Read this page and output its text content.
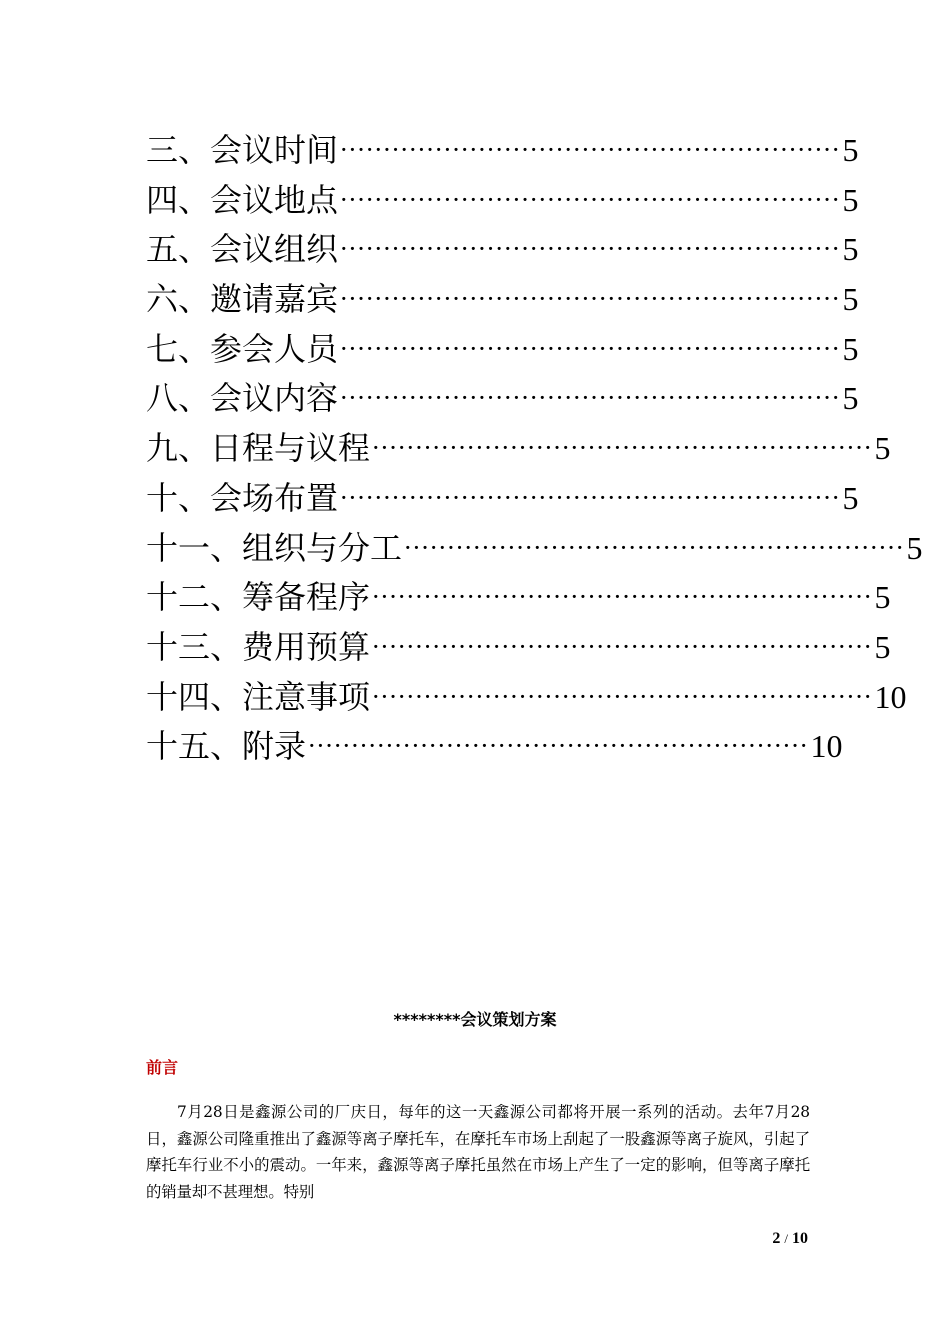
三、会议时间 ·························································· 5
四、会议地点 ·························································· 5
五、会议组织 ·························································· 5
六、邀请嘉宾 ·························································· 5
七、参会人员 ·························································· 5
八、会议内容 ·························································· 5
九、日程与议程 ·························································· 5
十、会场布置 ·························································· 5
十一、组织与分工 ·························································· 5
十二、筹备程序 ·························································· 5
十三、费用预算 ·························································· 5
十四、注意事项 ·························································· 10
十五、附录 ·························································· 10
********会议策划方案
前言
7月28日是鑫源公司的厂庆日，每年的这一天鑫源公司都将开展一系列的活动。去年7月28日，鑫源公司隆重推出了鑫源等离子摩托车，在摩托车市场上刮起了一股鑫源等离子旋风，引起了摩托车行业不小的震动。一年来，鑫源等离子摩托虽然在市场上产生了一定的影响，但等离子摩托的销量却不甚理想。特别
2 / 10
